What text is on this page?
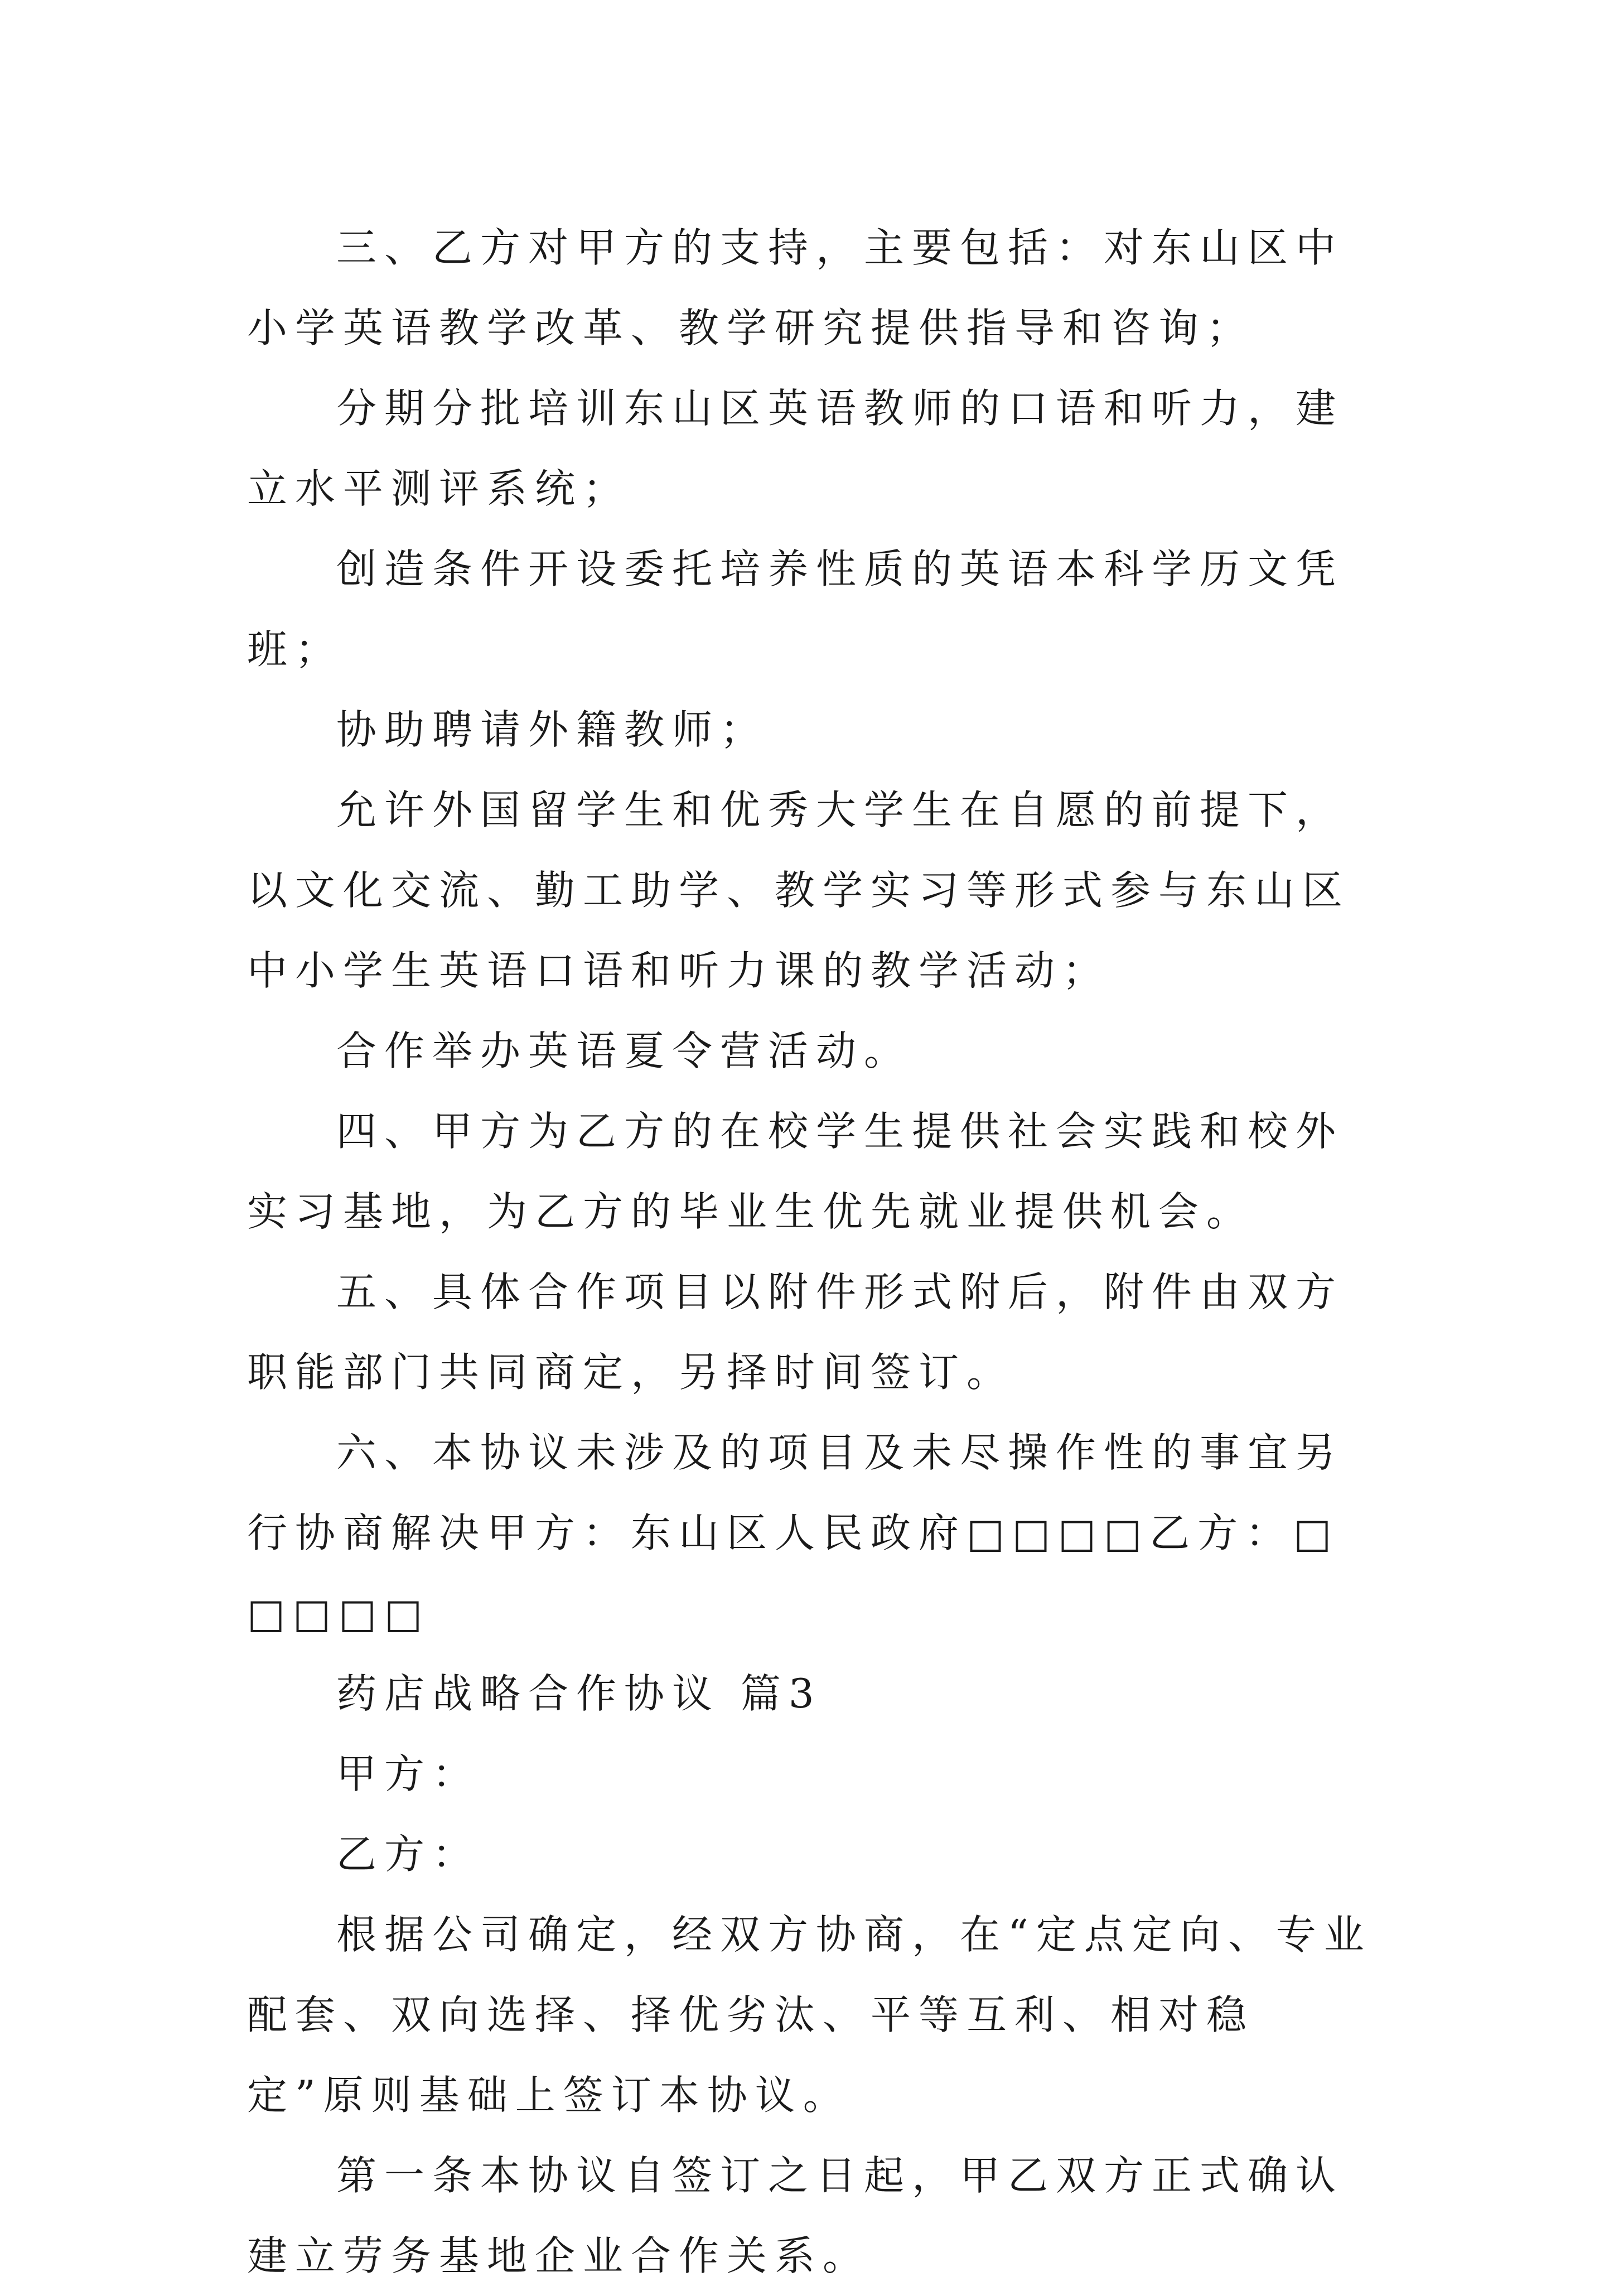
三、乙方对甲方的支持，主要包括：对东山区中小学英语教学改革、教学研究提供指导和咨询；

分期分批培训东山区英语教师的口语和听力，建立水平测评系统；

创造条件开设委托培养性质的英语本科学历文凭班；

协助聘请外籍教师；

允许外国留学生和优秀大学生在自愿的前提下，以文化交流、勤工助学、教学实习等形式参与东山区中小学生英语口语和听力课的教学活动；

合作举办英语夏令营活动。

四、甲方为乙方的在校学生提供社会实践和校外实习基地，为乙方的毕业生优先就业提供机会。

五、具体合作项目以附件形式附后，附件由双方职能部门共同商定，另择时间签订。

六、本协议未涉及的项目及未尽操作性的事宜另行协商解决甲方：东山区人民政府□□□□乙方：□□□□□

药店战略合作协议 篇3

甲方：

乙方：

根据公司确定，经双方协商，在“定点定向、专业配套、双向选择、择优劣汰、平等互利、相对稳定”原则基础上签订本协议。

第一条本协议自签订之日起，甲乙双方正式确认建立劳务基地企业合作关系。
